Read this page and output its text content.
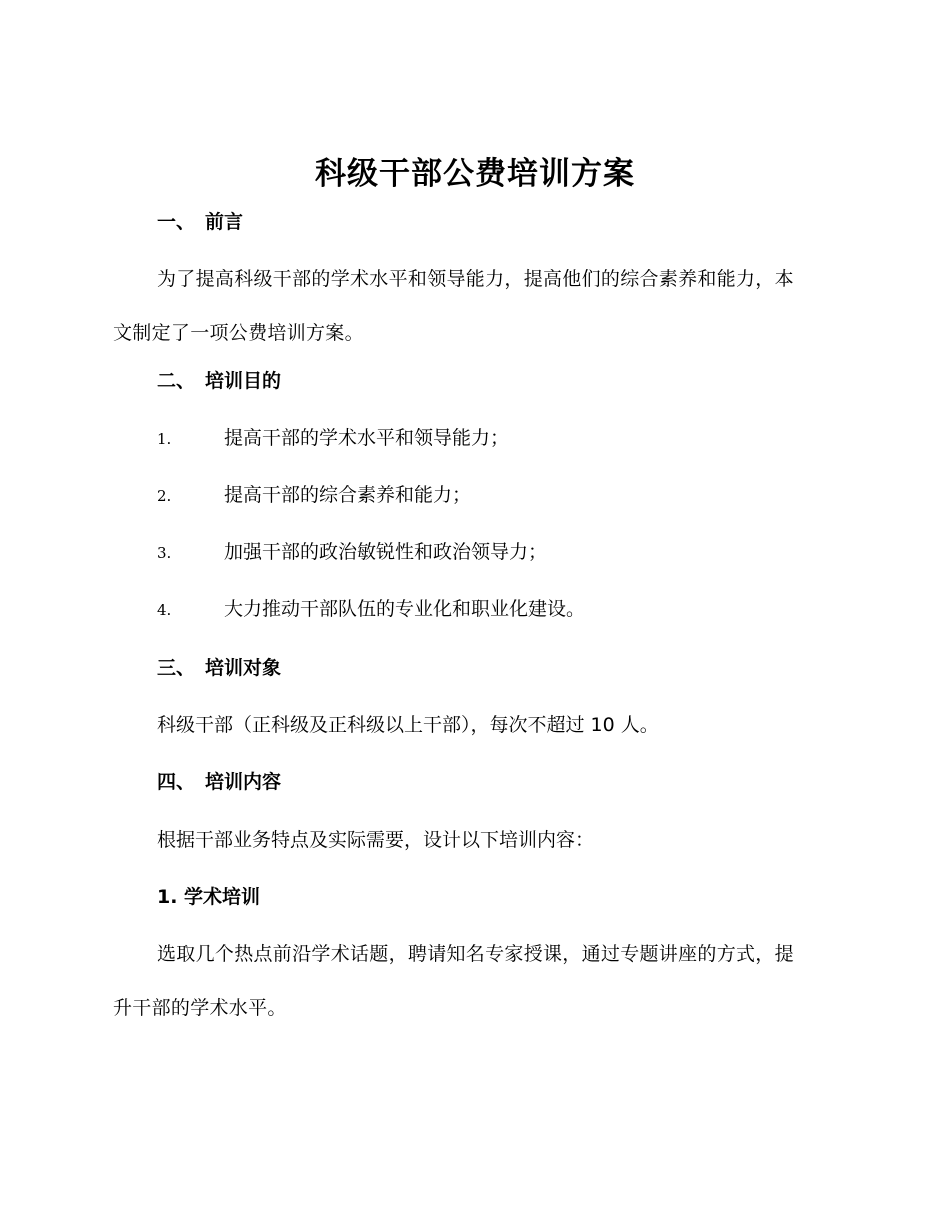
科级干部公费培训方案
一、 前言
为了提高科级干部的学术水平和领导能力，提高他们的综合素养和能力，本文制定了一项公费培训方案。
二、 培训目的
1.	提高干部的学术水平和领导能力；
2.	提高干部的综合素养和能力；
3.	加强干部的政治敏锐性和政治领导力；
4.	大力推动干部队伍的专业化和职业化建设。
三、 培训对象
科级干部（正科级及正科级以上干部），每次不超过 10 人。
四、 培训内容
根据干部业务特点及实际需要，设计以下培训内容：
1. 学术培训
选取几个热点前沿学术话题，聘请知名专家授课，通过专题讲座的方式，提升干部的学术水平。
